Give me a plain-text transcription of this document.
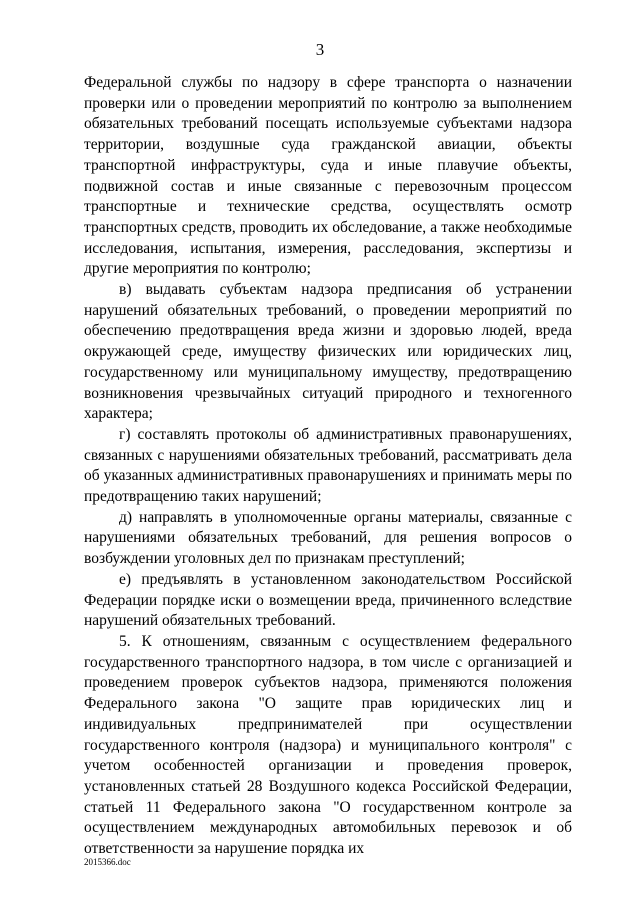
3

Федеральной службы по надзору в сфере транспорта о назначении проверки или о проведении мероприятий по контролю за выполнением обязательных требований посещать используемые субъектами надзора территории, воздушные суда гражданской авиации, объекты транспортной инфраструктуры, суда и иные плавучие объекты, подвижной состав и иные связанные с перевозочным процессом транспортные и технические средства, осуществлять осмотр транспортных средств, проводить их обследование, а также необходимые исследования, испытания, измерения, расследования, экспертизы и другие мероприятия по контролю;

в) выдавать субъектам надзора предписания об устранении нарушений обязательных требований, о проведении мероприятий по обеспечению предотвращения вреда жизни и здоровью людей, вреда окружающей среде, имуществу физических или юридических лиц, государственному или муниципальному имуществу, предотвращению возникновения чрезвычайных ситуаций природного и техногенного характера;

г) составлять протоколы об административных правонарушениях, связанных с нарушениями обязательных требований, рассматривать дела об указанных административных правонарушениях и принимать меры по предотвращению таких нарушений;

д) направлять в уполномоченные органы материалы, связанные с нарушениями обязательных требований, для решения вопросов о возбуждении уголовных дел по признакам преступлений;

е) предъявлять в установленном законодательством Российской Федерации порядке иски о возмещении вреда, причиненного вследствие нарушений обязательных требований.

5. К отношениям, связанным с осуществлением федерального государственного транспортного надзора, в том числе с организацией и проведением проверок субъектов надзора, применяются положения Федерального закона "О защите прав юридических лиц и индивидуальных предпринимателей при осуществлении государственного контроля (надзора) и муниципального контроля" с учетом особенностей организации и проведения проверок, установленных статьей 28 Воздушного кодекса Российской Федерации, статьей 11 Федерального закона "О государственном контроле за осуществлением международных автомобильных перевозок и об ответственности за нарушение порядка их

2015366.doc
